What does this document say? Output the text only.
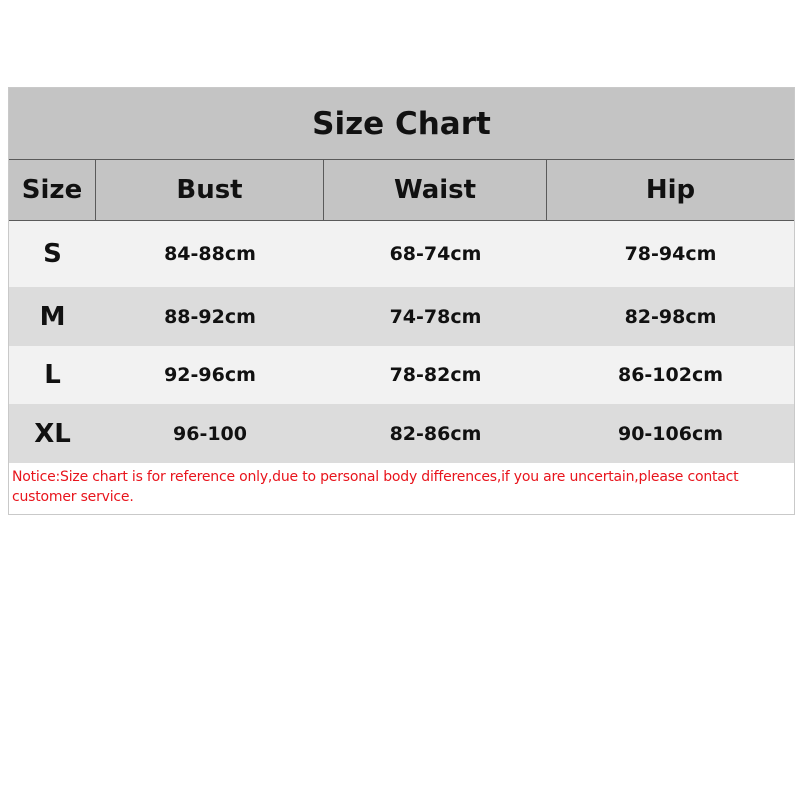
Size Chart
Size	Bust	Waist	Hip
S	84-88cm	68-74cm	78-94cm
M	88-92cm	74-78cm	82-98cm
L	92-96cm	78-82cm	86-102cm
XL	96-100	82-86cm	90-106cm
Notice:Size chart is for reference only,due to personal body differences,if you are uncertain,please contact customer service.
